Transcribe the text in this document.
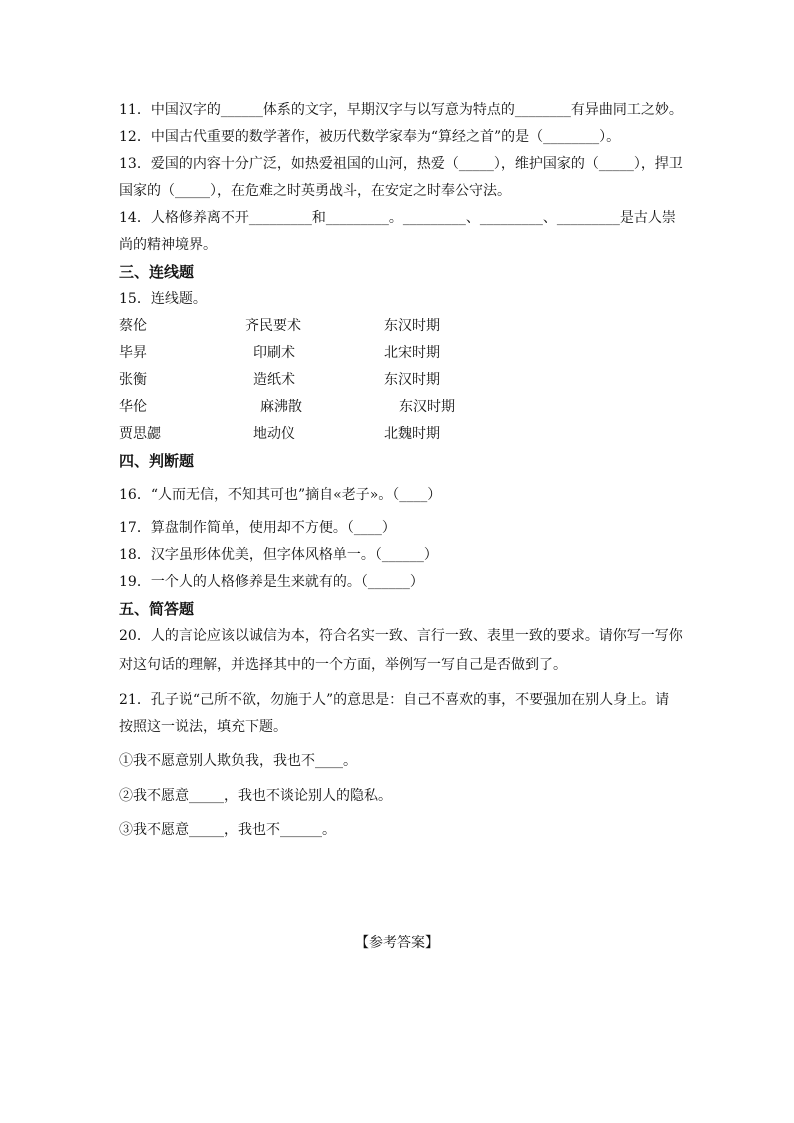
11．中国汉字的______体系的文字，早期汉字与以写意为特点的________有异曲同工之妙。
12．中国古代重要的数学著作，被历代数学家奉为“算经之首”的是（________）。
13．爱国的内容十分广泛，如热爱祖国的山河，热爱（_____），维护国家的（_____），捍卫
国家的（_____），在危难之时英勇战斗，在安定之时奉公守法。
14．人格修养离不开_________和_________。_________、_________、_________是古人崇
尚的精神境界。
三、连线题
15．连线题。
蔡伦	齐民要术	东汉时期
毕昇	印刷术	北宋时期
张衡	造纸术	东汉时期
华伦	麻沸散	东汉时期
贾思勰	地动仪	北魏时期
四、判断题
16．“人而无信，不知其可也”摘自«老子»。（____）
17．算盘制作简单，使用却不方便。（____）
18．汉字虽形体优美，但字体风格单一。（______）
19．一个人的人格修养是生来就有的。（______）
五、简答题
20．人的言论应该以诚信为本，符合名实一致、言行一致、表里一致的要求。请你写一写你
对这句话的理解，并选择其中的一个方面，举例写一写自己是否做到了。
21．孔子说“己所不欲，勿施于人”的意思是：自己不喜欢的事，不要强加在别人身上。请
按照这一说法，填充下题。
①我不愿意别人欺负我，我也不____。
②我不愿意_____，我也不谈论别人的隐私。
③我不愿意_____，我也不______。
【参考答案】
